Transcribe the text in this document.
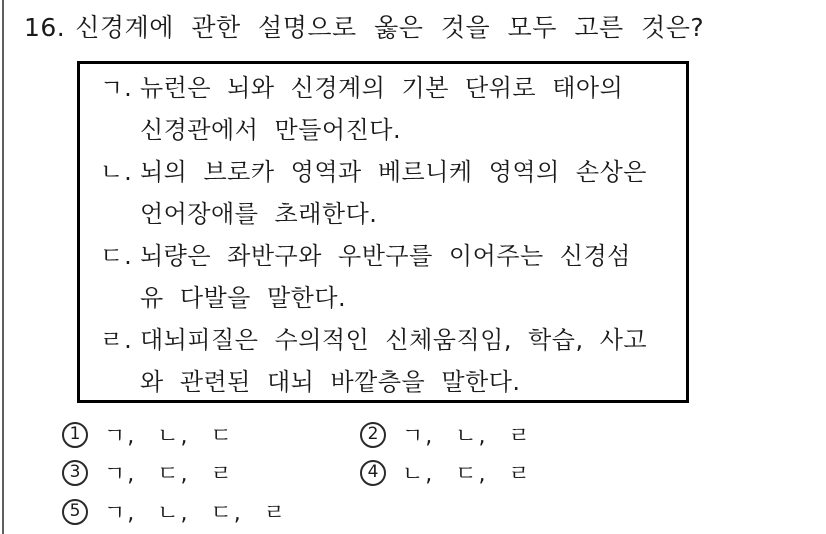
16. 신경계에 관한 설명으로 옳은 것을 모두 고른 것은?
ㄱ. 뉴런은 뇌와 신경계의 기본 단위로 태아의
신경관에서 만들어진다.
ㄴ. 뇌의 브로카 영역과 베르니케 영역의 손상은
언어장애를 초래한다.
ㄷ. 뇌량은 좌반구와 우반구를 이어주는 신경섬
유 다발을 말한다.
ㄹ. 대뇌피질은 수의적인 신체움직임, 학습, 사고
와 관련된 대뇌 바깥층을 말한다.
1	ㄱ, ㄴ, ㄷ	2	ㄱ, ㄴ, ㄹ
3	ㄱ, ㄷ, ㄹ	4	ㄴ, ㄷ, ㄹ
5	ㄱ, ㄴ, ㄷ, ㄹ
